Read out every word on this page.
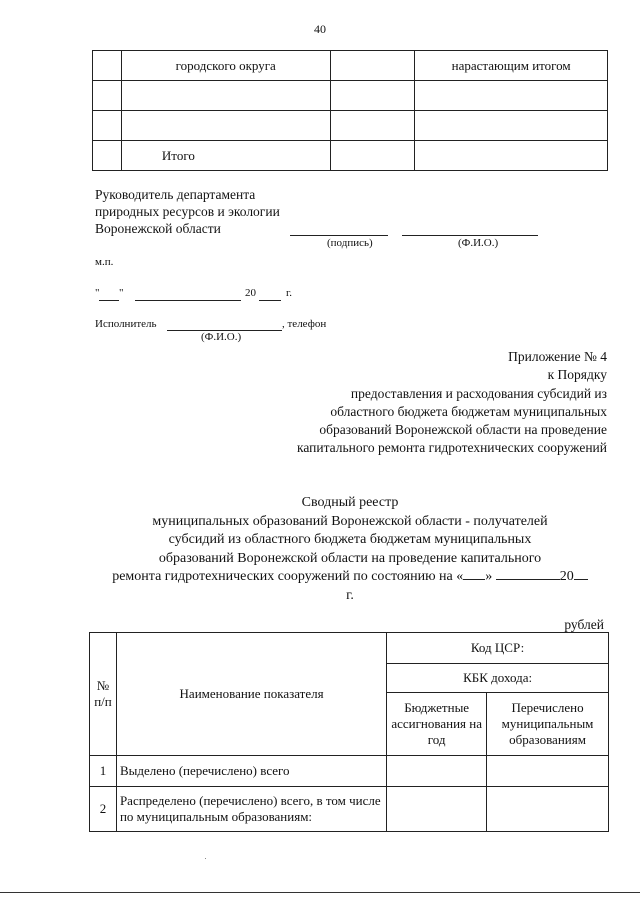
40
	городского округа		нарастающим итогом

	Итого		
Руководитель департамента
природных ресурсов и экологии
Воронежской области
(подпись)	(Ф.И.О.)
м.п.
" "	20	г.
Исполнитель	, телефон
(Ф.И.О.)
Приложение № 4
к Порядку
предоставления и расходования субсидий из
областного бюджета бюджетам муниципальных
образований Воронежской области на проведение
капитального ремонта гидротехнических сооружений
Сводный реестр
муниципальных образований Воронежской области - получателей
субсидий из областного бюджета бюджетам муниципальных
образований Воронежской области на проведение капитального
ремонта гидротехнических сооружений по состоянию на « »	20
г.
рублей
№ п/п	Наименование показателя	Код ЦСР:	
		КБК дохода:	
		Бюджетные ассигнования на год	Перечислено муниципальным образованиям
1	Выделено (перечислено) всего		
2	Распределено (перечислено) всего, в том числе по муниципальным образованиям:		
